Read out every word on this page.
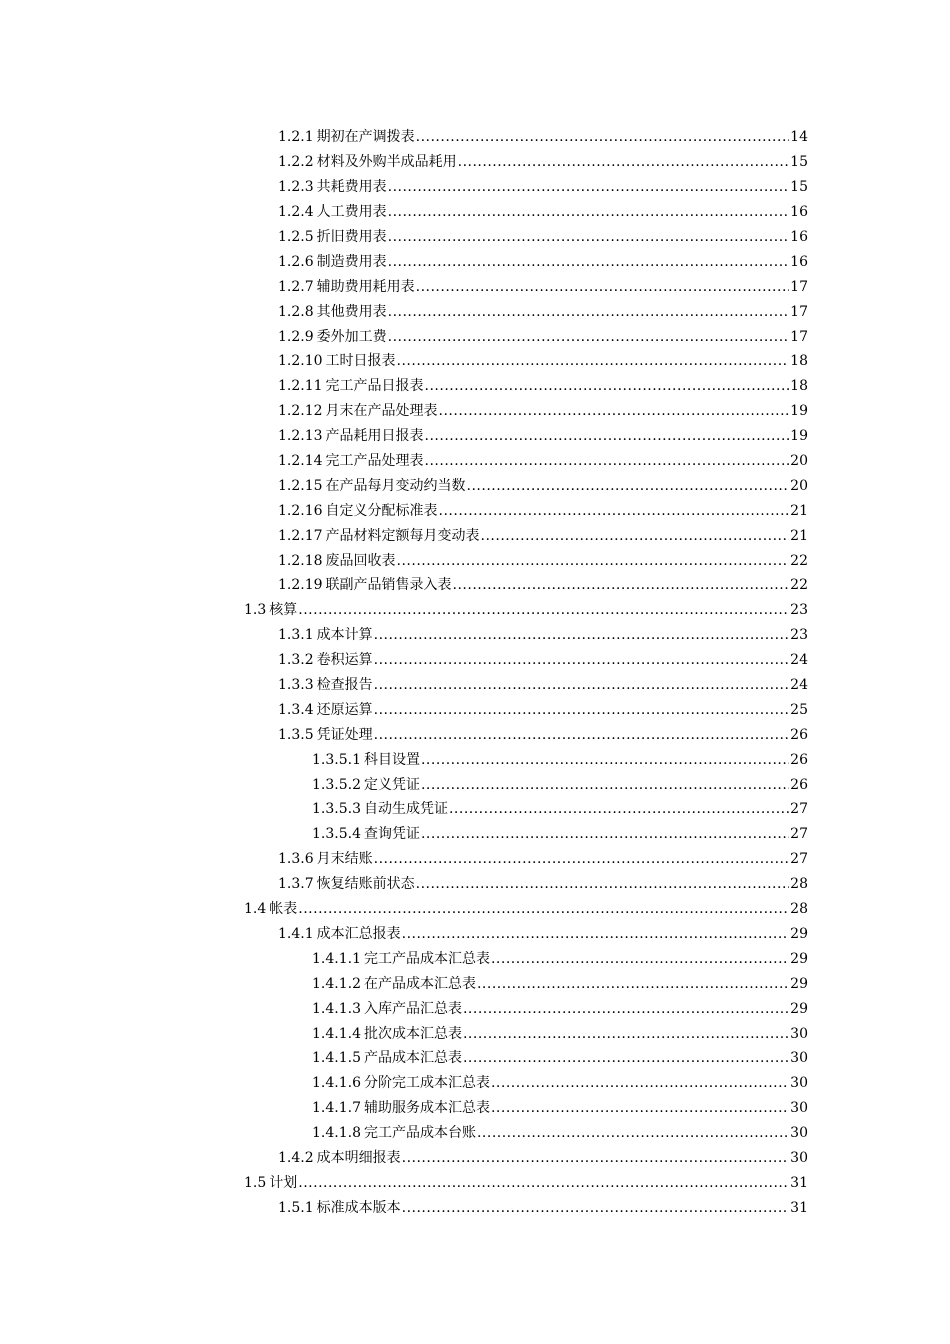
1.2.1 期初在产调拨表 .....	14
1.2.2 材料及外购半成品耗用 .....	15
1.2.3 共耗费用表 .....	15
1.2.4 人工费用表 .....	16
1.2.5 折旧费用表 .....	16
1.2.6 制造费用表 .....	16
1.2.7 辅助费用耗用表 .....	17
1.2.8 其他费用表 .....	17
1.2.9 委外加工费 .....	17
1.2.10 工时日报表 .....	18
1.2.11 完工产品日报表 .....	18
1.2.12 月末在产品处理表 .....	19
1.2.13 产品耗用日报表 .....	19
1.2.14 完工产品处理表 .....	20
1.2.15 在产品每月变动约当数 .....	20
1.2.16 自定义分配标准表 .....	21
1.2.17 产品材料定额每月变动表 .....	21
1.2.18 废品回收表 .....	22
1.2.19 联副产品销售录入表 .....	22
1.3 核算 .....	23
1.3.1 成本计算 .....	23
1.3.2 卷积运算 .....	24
1.3.3 检查报告 .....	24
1.3.4 还原运算 .....	25
1.3.5 凭证处理 .....	26
1.3.5.1 科目设置 .....	26
1.3.5.2 定义凭证 .....	26
1.3.5.3 自动生成凭证 .....	27
1.3.5.4 查询凭证 .....	27
1.3.6 月末结账 .....	27
1.3.7 恢复结账前状态 .....	28
1.4 帐表 .....	28
1.4.1 成本汇总报表 .....	29
1.4.1.1 完工产品成本汇总表 .....	29
1.4.1.2 在产品成本汇总表 .....	29
1.4.1.3 入库产品汇总表 .....	29
1.4.1.4 批次成本汇总表 .....	30
1.4.1.5 产品成本汇总表 .....	30
1.4.1.6 分阶完工成本汇总表 .....	30
1.4.1.7 辅助服务成本汇总表 .....	30
1.4.1.8 完工产品成本台账 .....	30
1.4.2 成本明细报表 .....	30
1.5 计划 .....	31
1.5.1 标准成本版本 .....	31
